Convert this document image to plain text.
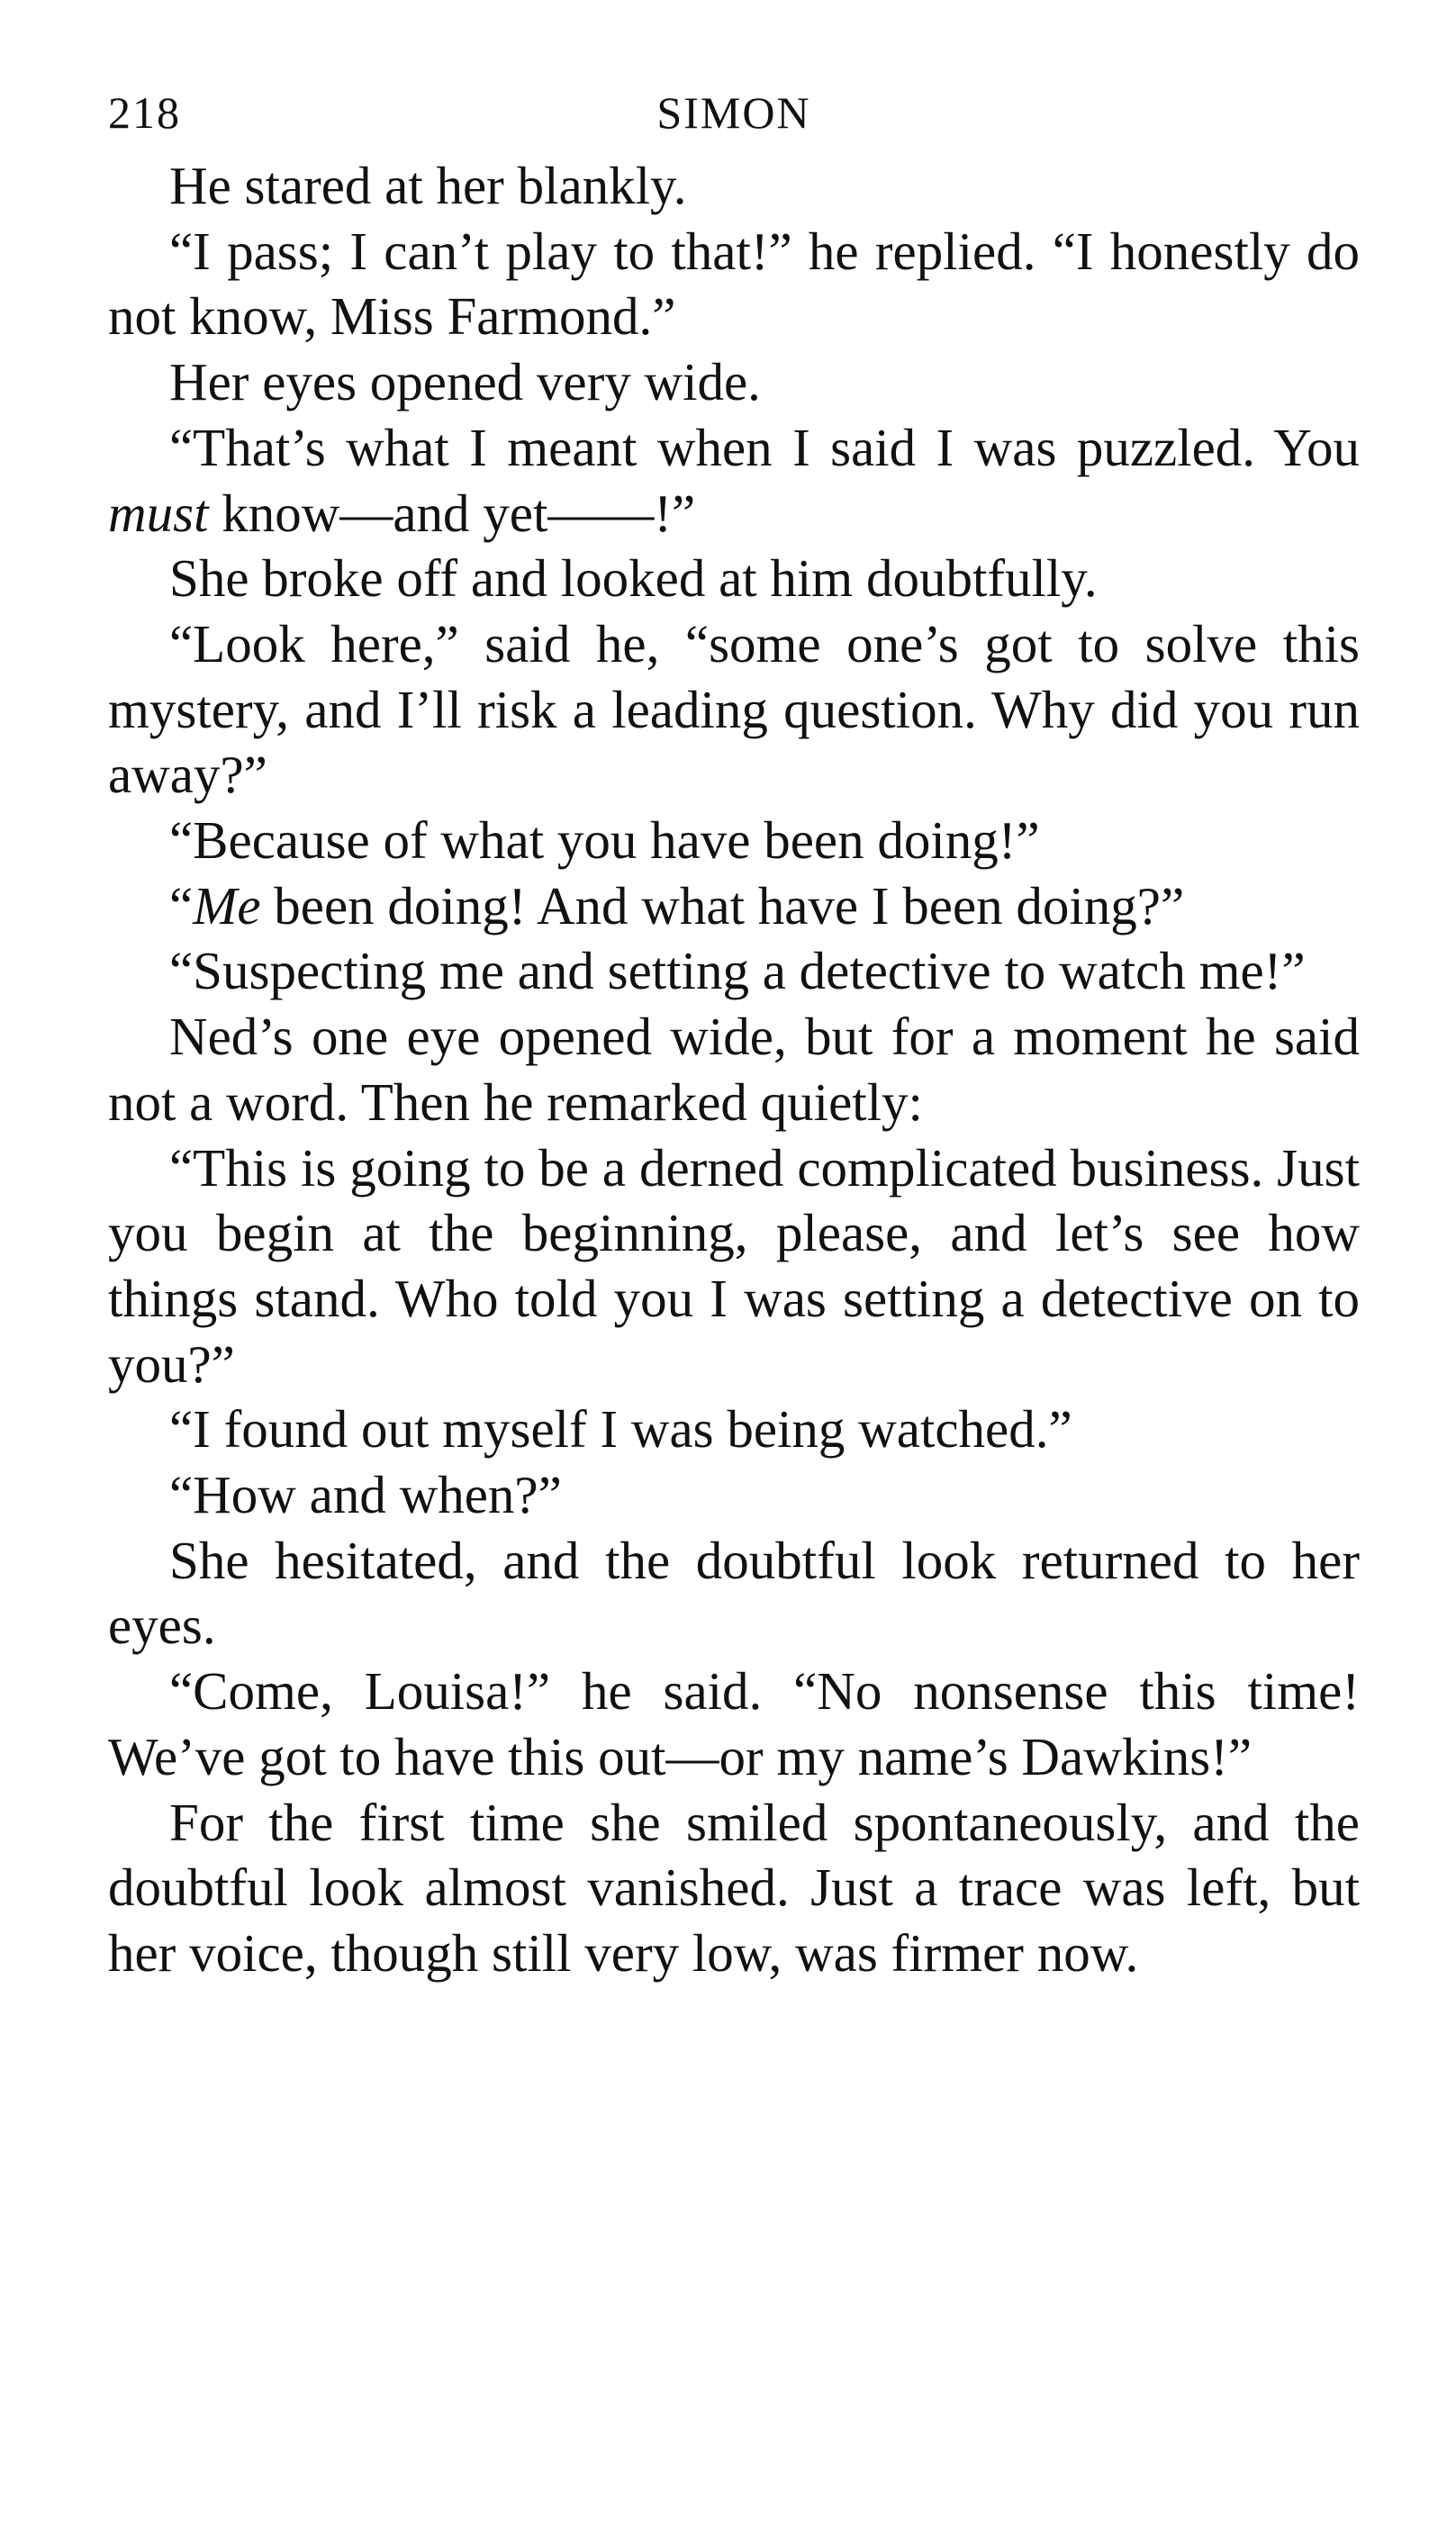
218	SIMON

He stared at her blankly.

“I pass; I can’t play to that!” he replied. “I honestly do not know, Miss Farmond.”

Her eyes opened very wide.

“That’s what I meant when I said I was puzzled. You must know—and yet——!”

She broke off and looked at him doubtfully.

“Look here,” said he, “some one’s got to solve this mystery, and I’ll risk a leading question. Why did you run away?”

“Because of what you have been doing!”

“Me been doing! And what have I been doing?”

“Suspecting me and setting a detective to watch me!”

Ned’s one eye opened wide, but for a moment he said not a word. Then he remarked quietly:

“This is going to be a derned complicated business. Just you begin at the beginning, please, and let’s see how things stand. Who told you I was setting a detective on to you?”

“I found out myself I was being watched.”

“How and when?”

She hesitated, and the doubtful look returned to her eyes.

“Come, Louisa!” he said. “No nonsense this time! We’ve got to have this out—or my name’s Dawkins!”

For the first time she smiled spontaneously, and the doubtful look almost vanished. Just a trace was left, but her voice, though still very low, was firmer now.
